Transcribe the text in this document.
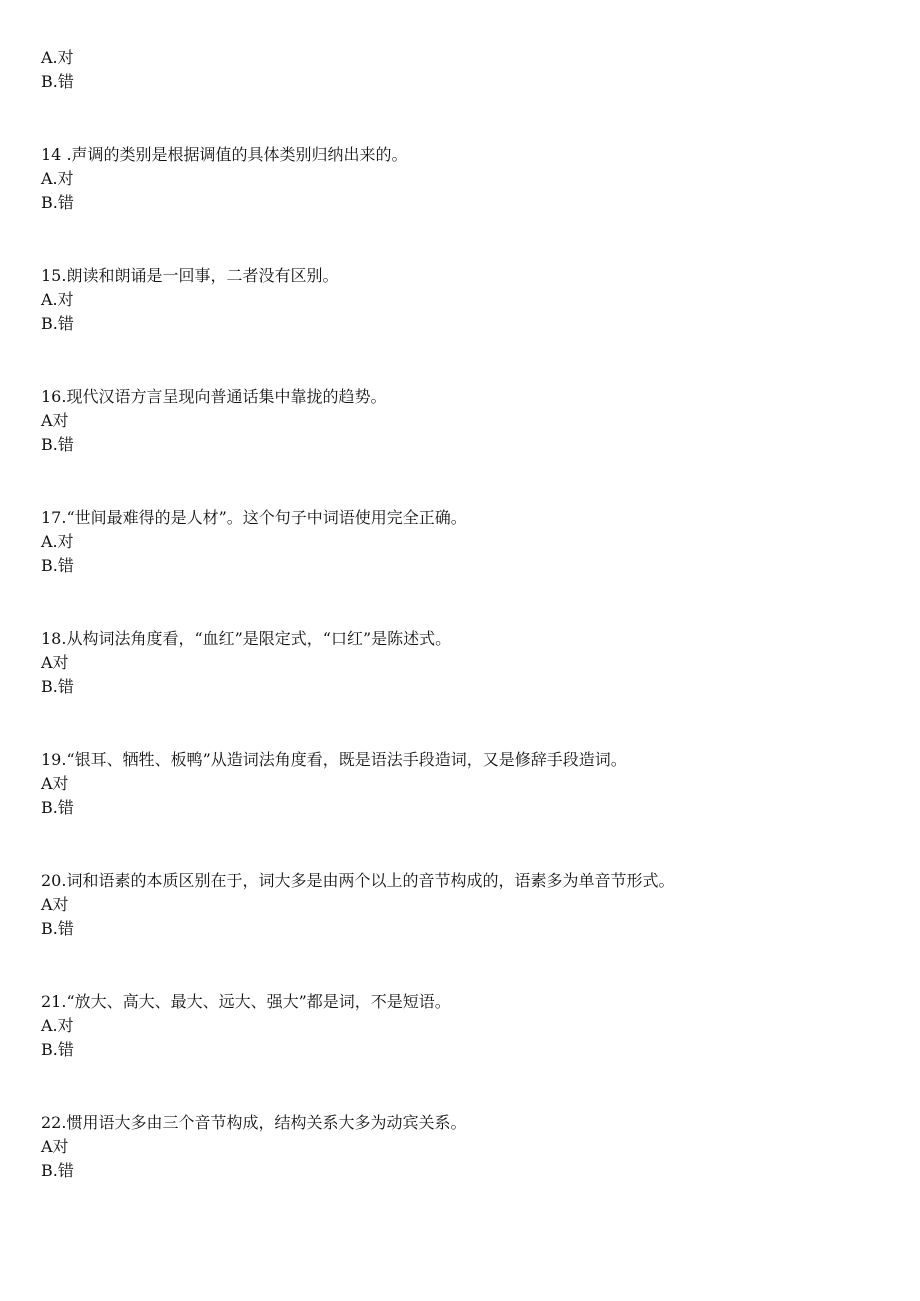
A.对
B.错
14 .声调的类别是根据调值的具体类别归纳出来的。
A.对
B.错
15.朗读和朗诵是一回事，二者没有区别。
A.对
B.错
16.现代汉语方言呈现向普通话集中靠拢的趋势。
A对
B.错
17.“世间最难得的是人材”。这个句子中词语使用完全正确。
A.对
B.错
18.从构词法角度看，“血红”是限定式，“口红”是陈述式。
A对
B.错
19.“银耳、牺牲、板鸭”从造词法角度看，既是语法手段造词，又是修辞手段造词。
A对
B.错
20.词和语素的本质区别在于，词大多是由两个以上的音节构成的，语素多为单音节形式。
A对
B.错
21.“放大、高大、最大、远大、强大”都是词，不是短语。
A.对
B.错
22.惯用语大多由三个音节构成，结构关系大多为动宾关系。
A对
B.错
